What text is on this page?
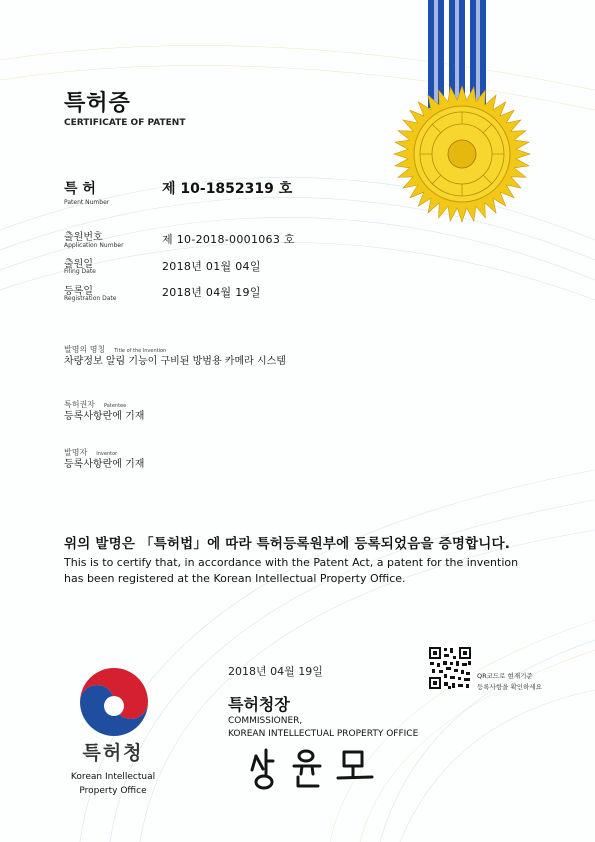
특허증
CERTIFICATE OF PATENT
특 허
Patent Number
제 10-1852319 호
출원번호
Application Number	제 10-2018-0001063 호
출원일
Filing Date	2018년 01월 04일
등록일
Registration Date	2018년 04월 19일
발명의 명칭 Title of the Invention
차량정보 알림 기능이 구비된 방범용 카메라 시스템
특허권자 Patentee
등록사항란에 기재
발명자 Inventor
등록사항란에 기재
위의 발명은 「특허법」에 따라 특허등록원부에 등록되었음을 증명합니다.
This is to certify that, in accordance with the Patent Act, a patent for the invention
has been registered at the Korean Intellectual Property Office.
특허청
Korean Intellectual
Property Office
2018년 04월 19일	QR코드로 현재기준
등록사항을 확인하세요
특허청장
COMMISSIONER,
KOREAN INTELLECTUAL PROPERTY OFFICE
